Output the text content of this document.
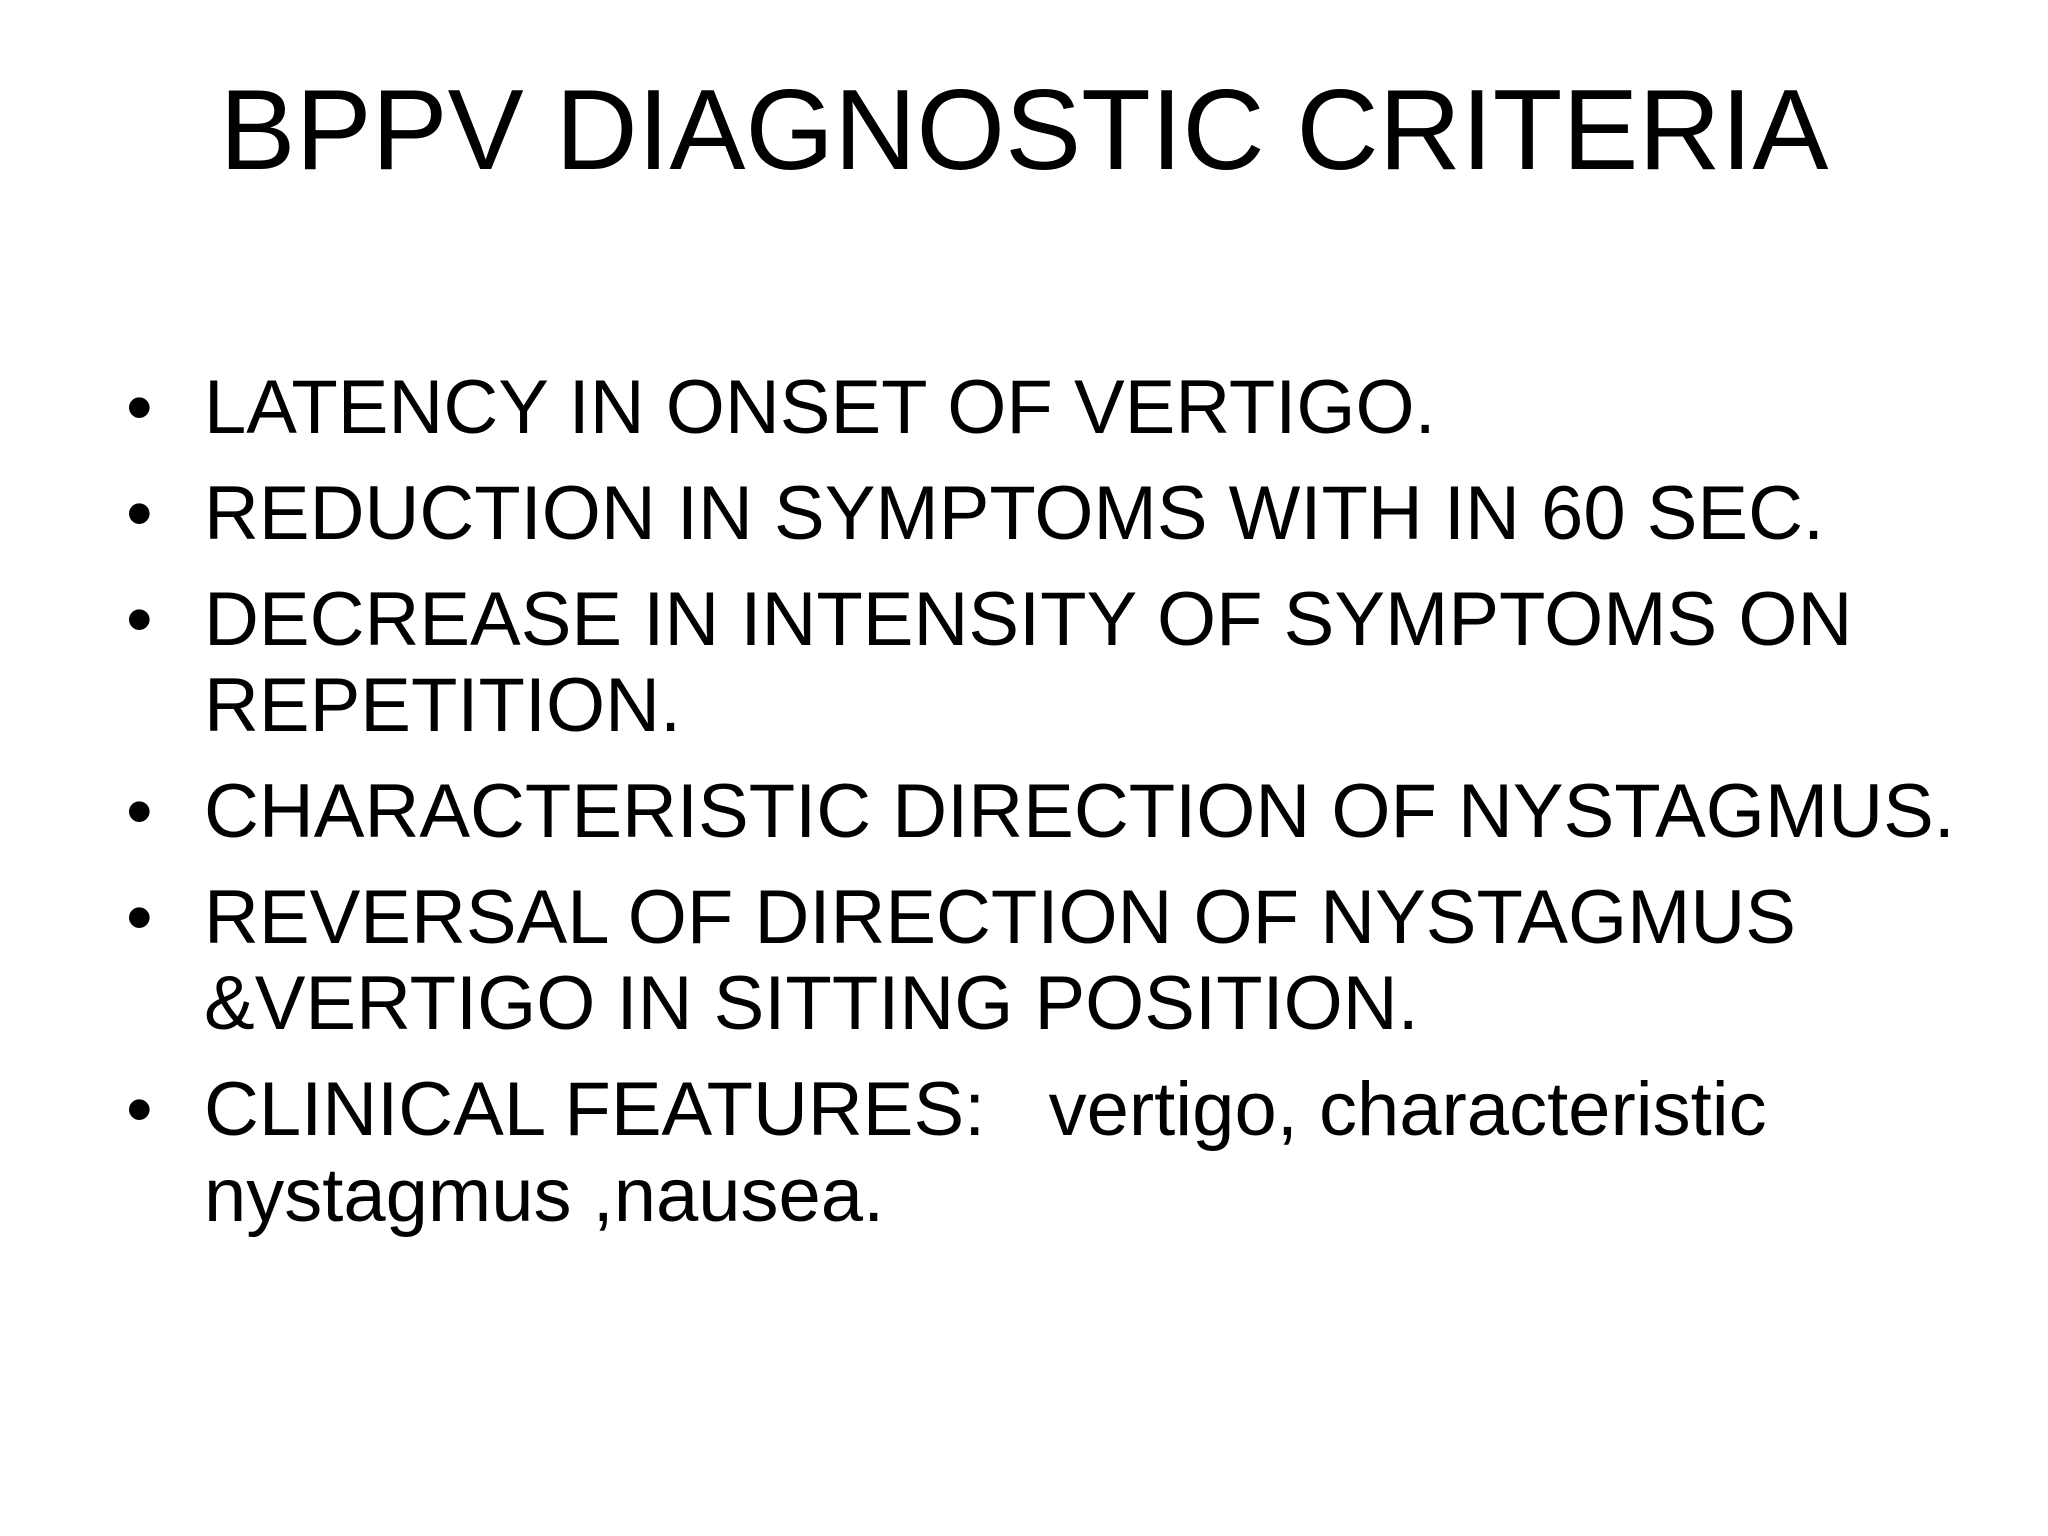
BPPV DIAGNOSTIC CRITERIA
• LATENCY IN ONSET OF VERTIGO.
• REDUCTION IN SYMPTOMS WITH IN 60 SEC.
• DECREASE IN INTENSITY OF SYMPTOMS ON REPETITION.
• CHARACTERISTIC DIRECTION OF NYSTAGMUS.
• REVERSAL OF DIRECTION OF NYSTAGMUS &VERTIGO IN SITTING POSITION.
• CLINICAL FEATURES:   vertigo, characteristic nystagmus ,nausea.
